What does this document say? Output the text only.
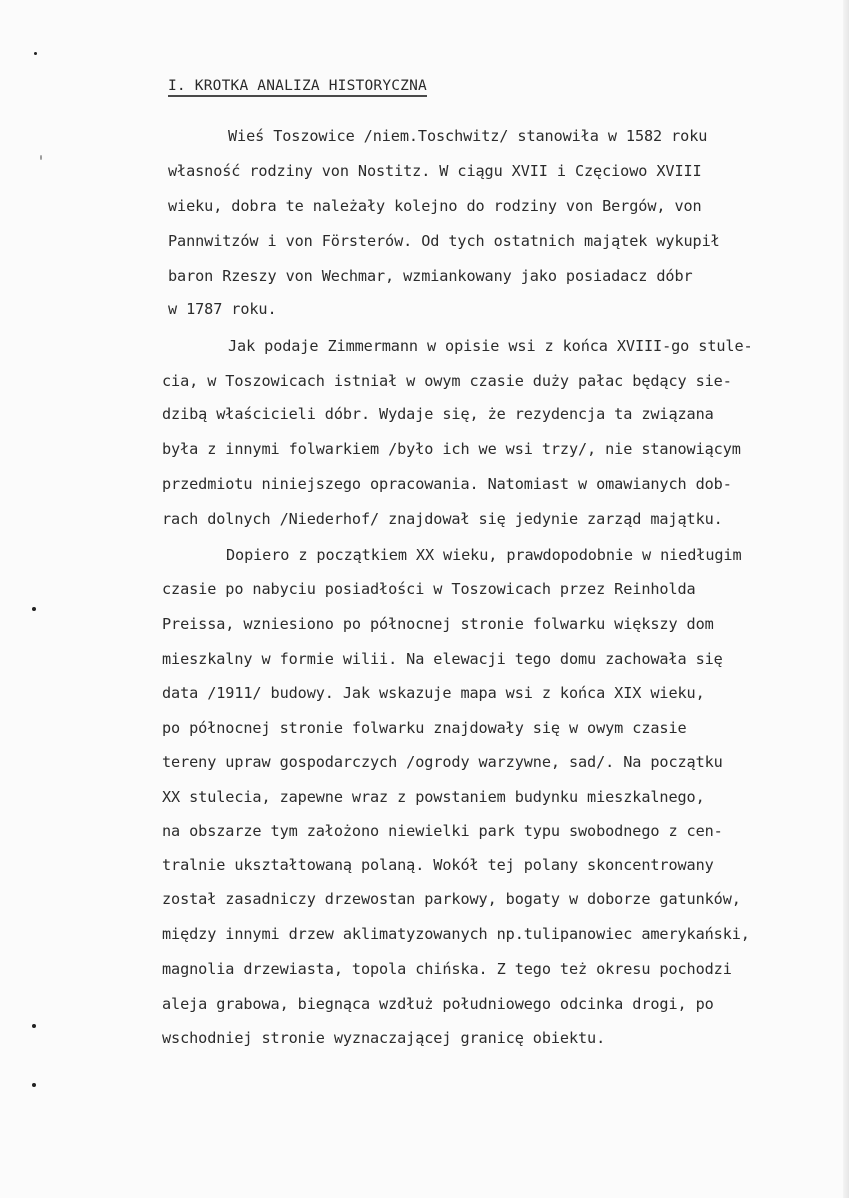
I. KROTKA ANALIZA HISTORYCZNA

Wieś Toszowice /niem.Toschwitz/ stanowiła w 1582 roku

własność rodziny von Nostitz. W ciągu XVII i Częciowo XVIII

wieku, dobra te należały kolejno do rodziny von Bergów, von

Pannwitzów i von Försterów. Od tych ostatnich majątek wykupił

baron Rzeszy von Wechmar, wzmiankowany jako posiadacz dóbr

w 1787 roku.

Jak podaje Zimmermann w opisie wsi z końca XVIII-go stule-

cia, w Toszowicach istniał w owym czasie duży pałac będący sie-

dzibą właścicieli dóbr. Wydaje się, że rezydencja ta związana

była z innymi folwarkiem /było ich we wsi trzy/, nie stanowiącym

przedmiotu niniejszego opracowania. Natomiast w omawianych dob-

rach dolnych /Niederhof/ znajdował się jedynie zarząd majątku.

Dopiero z początkiem XX wieku, prawdopodobnie w niedługim

czasie po nabyciu posiadłości w Toszowicach przez Reinholda

Preissa, wzniesiono po północnej stronie folwarku większy dom

mieszkalny w formie wilii. Na elewacji tego domu zachowała się

data /1911/ budowy. Jak wskazuje mapa wsi z końca XIX wieku,

po północnej stronie folwarku znajdowały się w owym czasie

tereny upraw gospodarczych /ogrody warzywne, sad/. Na początku

XX stulecia, zapewne wraz z powstaniem budynku mieszkalnego,

na obszarze tym założono niewielki park typu swobodnego z cen-

tralnie ukształtowaną polaną. Wokół tej polany skoncentrowany

został zasadniczy drzewostan parkowy, bogaty w doborze gatunków,

między innymi drzew aklimatyzowanych np.tulipanowiec amerykański,

magnolia drzewiasta, topola chińska. Z tego też okresu pochodzi

aleja grabowa, biegnąca wzdłuż południowego odcinka drogi, po

wschodniej stronie wyznaczającej granicę obiektu.
